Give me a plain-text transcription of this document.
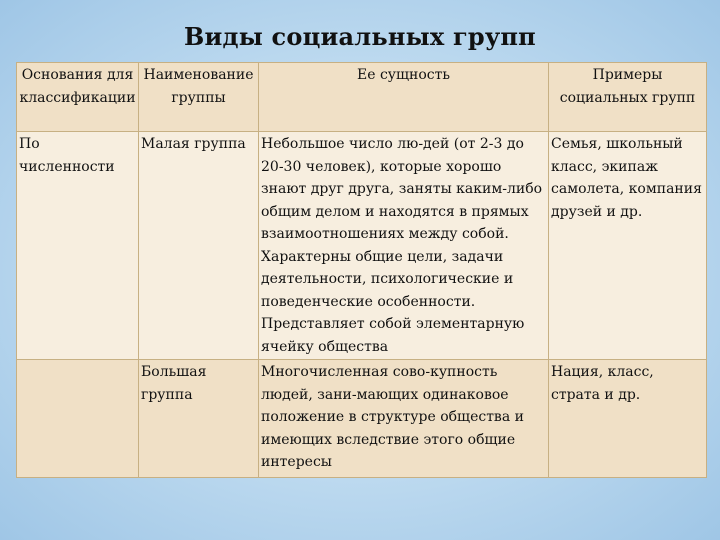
Виды социальных групп
Основания для классификации	Наименование группы	Ее сущность	Примеры социальных групп
По численности	Малая группа	Небольшое число лю-дей (от 2-3 до 20-30 человек), которые хорошо знают друг друга, заняты каким-либо общим делом и находятся в прямых взаимоотношениях между собой. Характерны общие цели, задачи деятельности, психологические и поведенческие особенности. Представляет собой элементарную ячейку общества	Семья, школьный класс, экипаж самолета, компания друзей и др.
	Большая группа	Многочисленная сово-купность людей, зани-мающих одинаковое положение в структуре общества и имеющих вследствие этого общие интересы	Нация, класс, страта и др.
